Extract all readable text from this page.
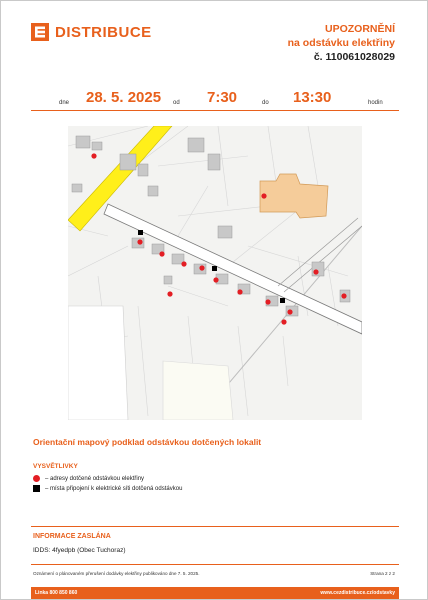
DISTRIBUCE	UPOZORNĚNÍ
na odstávku elektřiny
č. 110061028029
dne 28. 5. 2025 od 7:30	do 13:30	hodin
Orientační mapový podklad odstávkou dotčených lokalit
VYSVĚTLIVKY
– adresy dotčené odstávkou elektřiny
– místa připojení k elektrické síti dotčená odstávkou
INFORMACE ZASLÁNA
IDDS: 4fyedpb (Obec Tuchoraz)
Oznámení o plánovaném přerušení dodávky elektřiny publikováno dne 7. 5. 2025.	Strana 2 z 2
Linka 800 850 860	www.cezdistribuce.cz/odstavky
